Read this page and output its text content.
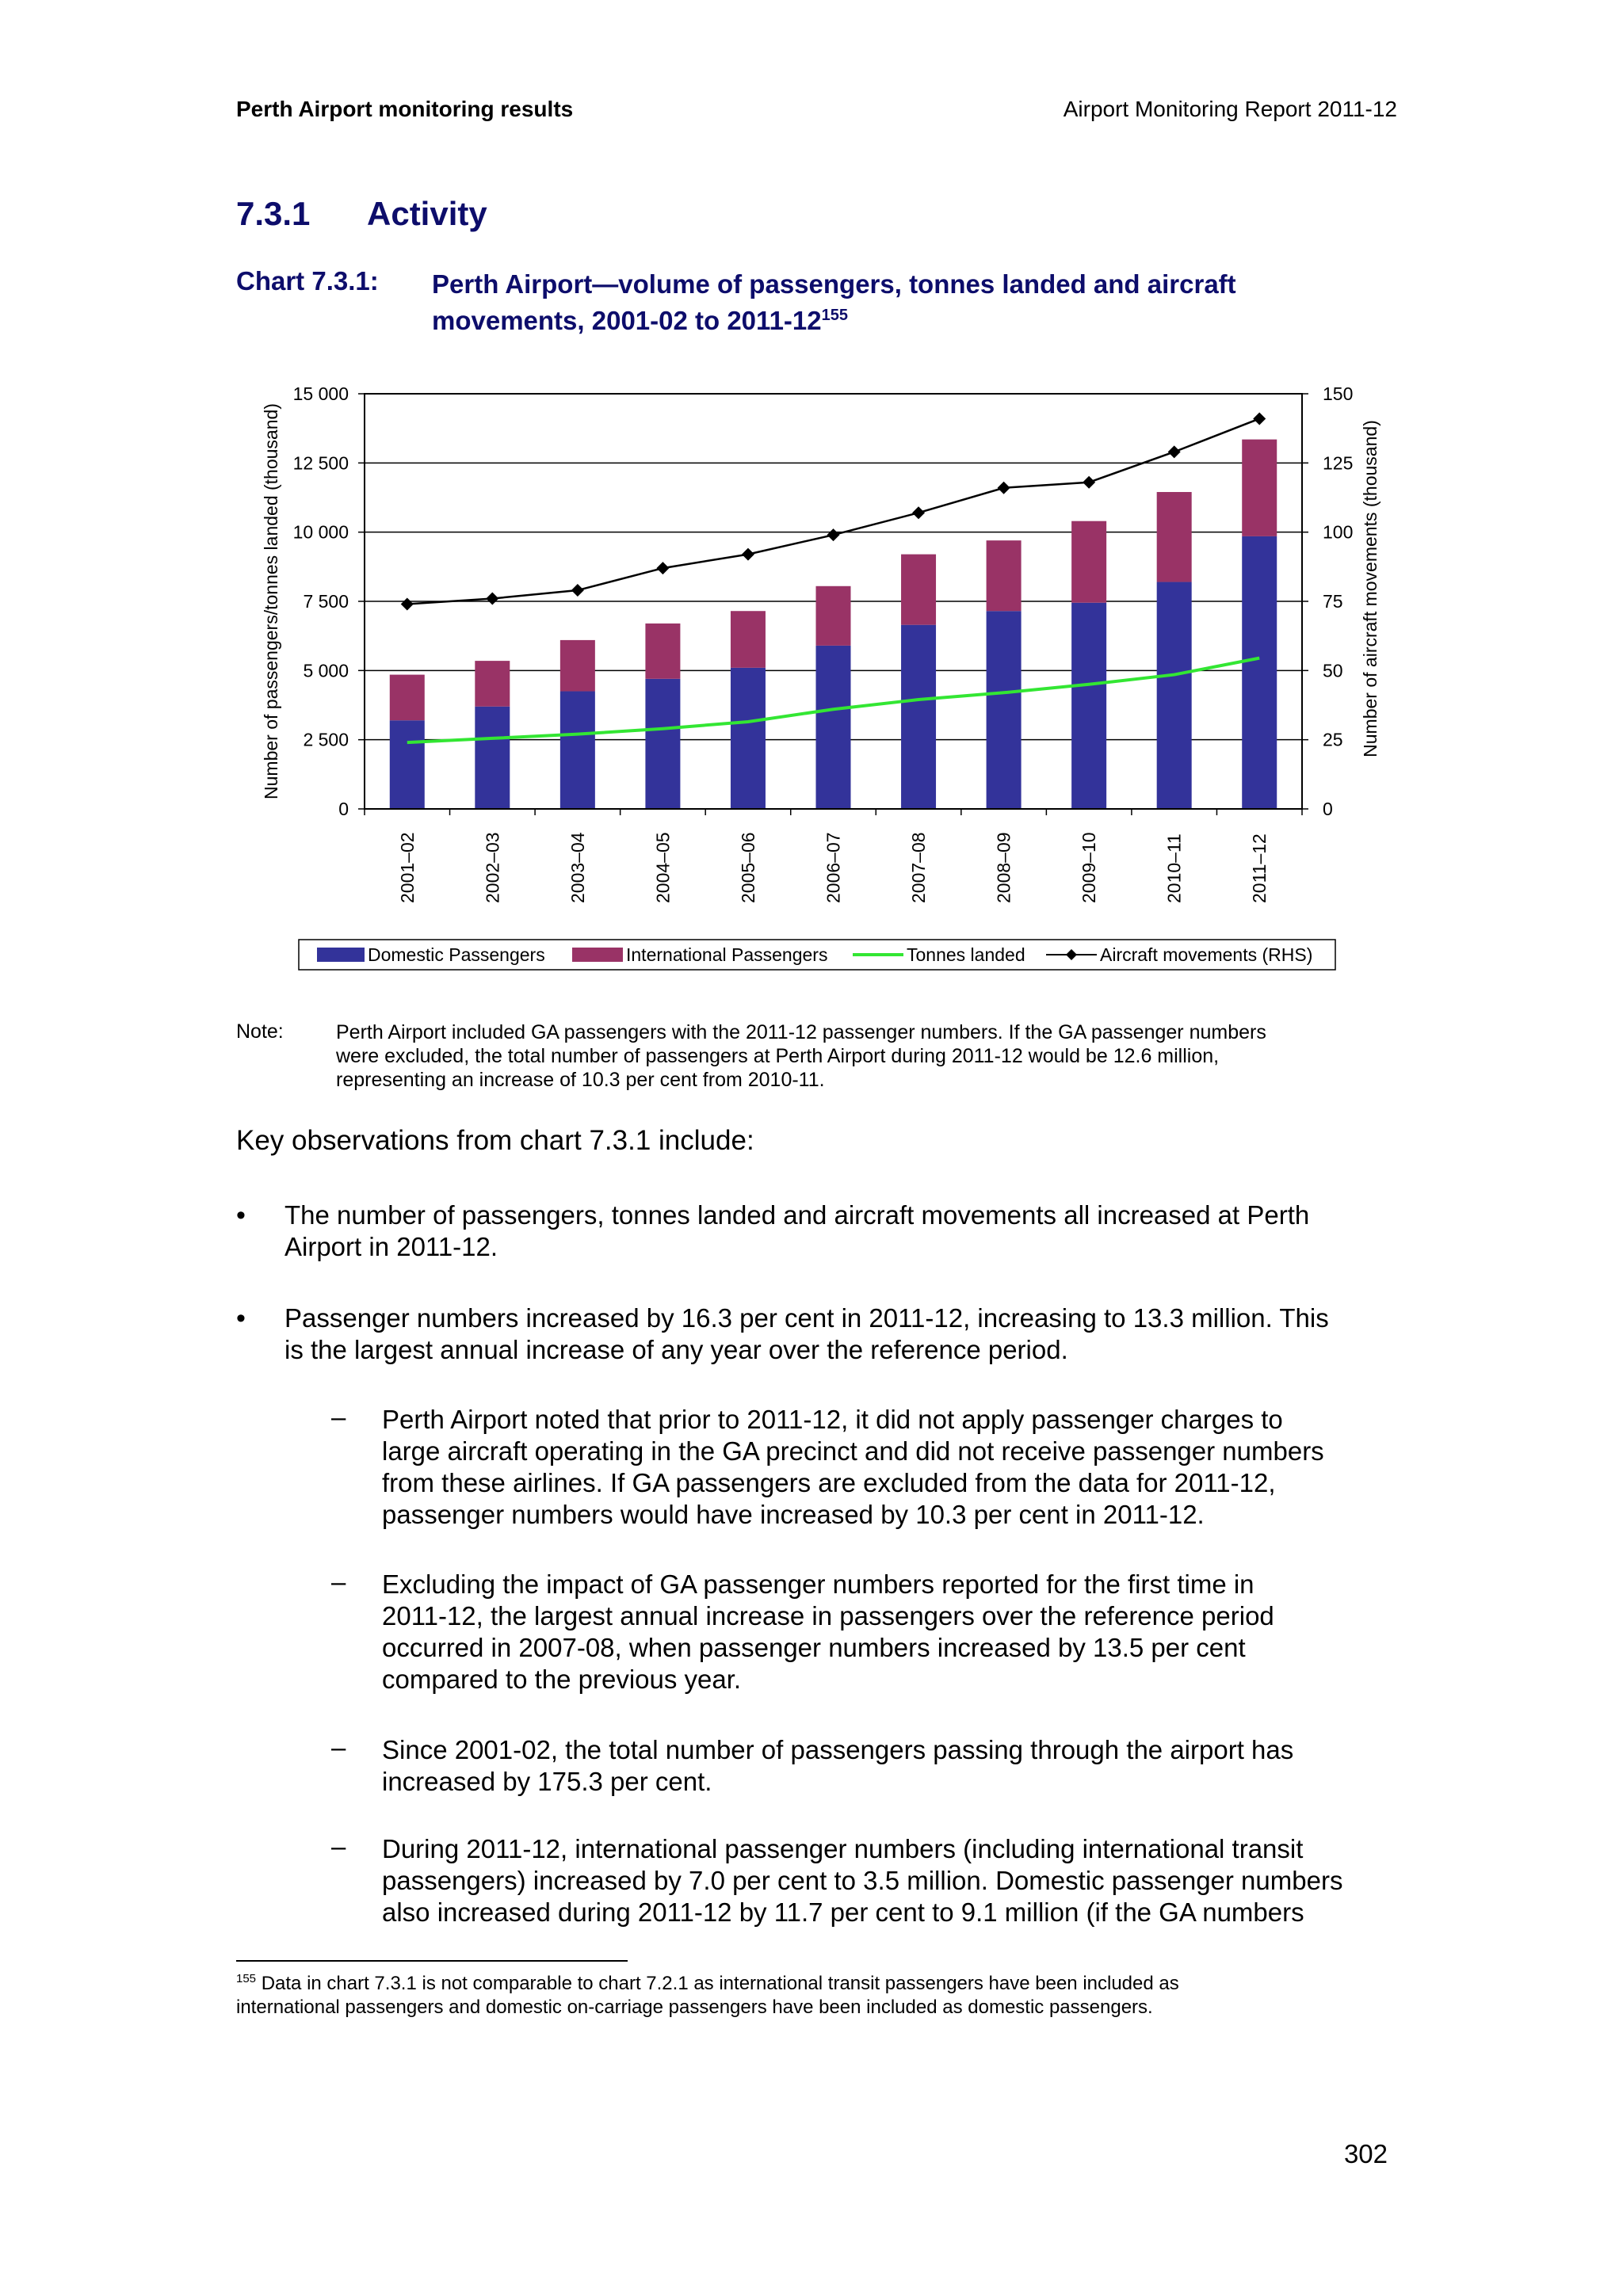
Perth Airport monitoring results	Airport Monitoring Report 2011-12
7.3.1 Activity
Chart 7.3.1: Perth Airport—volume of passengers, tonnes landed and aircraft
movements, 2001-02 to $2011-12^{155}$
0
2 500
5 000
7 500
10 000
12 500
15 000
0
25
50
75
100
125
150
2001–02	2002–03	2003–04	2004–05	2005–06	2006–07	2007–08	2008–09	2009–10	2010–11	2011–12
Number of passengers/tonnes landed (thousand)	Number of aircraft movements (thousand)
Domestic Passengers	International Passengers	Tonnes landed	Aircraft movements (RHS)
Note:	Perth Airport included GA passengers with the 2011-12 passenger numbers. If the GA passenger numbers
were excluded, the total number of passengers at Perth Airport during 2011-12 would be 12.6 million,
representing an increase of 10.3 per cent from 2010-11.
Key observations from chart 7.3.1 include:
• The number of passengers, tonnes landed and aircraft movements all increased at Perth
Airport in 2011-12.
• Passenger numbers increased by 16.3 per cent in 2011-12, increasing to 13.3 million. This
is the largest annual increase of any year over the reference period.
– Perth Airport noted that prior to 2011-12, it did not apply passenger charges to
large aircraft operating in the GA precinct and did not receive passenger numbers
from these airlines. If GA passengers are excluded from the data for 2011-12,
passenger numbers would have increased by 10.3 per cent in 2011-12.
– Excluding the impact of GA passenger numbers reported for the first time in
2011-12, the largest annual increase in passengers over the reference period
occurred in 2007-08, when passenger numbers increased by 13.5 per cent
compared to the previous year.
– Since 2001-02, the total number of passengers passing through the airport has
increased by 175.3 per cent.
– During 2011-12, international passenger numbers (including international transit
passengers) increased by 7.0 per cent to 3.5 million. Domestic passenger numbers
also increased during 2011-12 by 11.7 per cent to 9.1 million (if the GA numbers
$^{155}$ Data in chart 7.3.1 is not comparable to chart 7.2.1 as international transit passengers have been included as
international passengers and domestic on-carriage passengers have been included as domestic passengers.
302
